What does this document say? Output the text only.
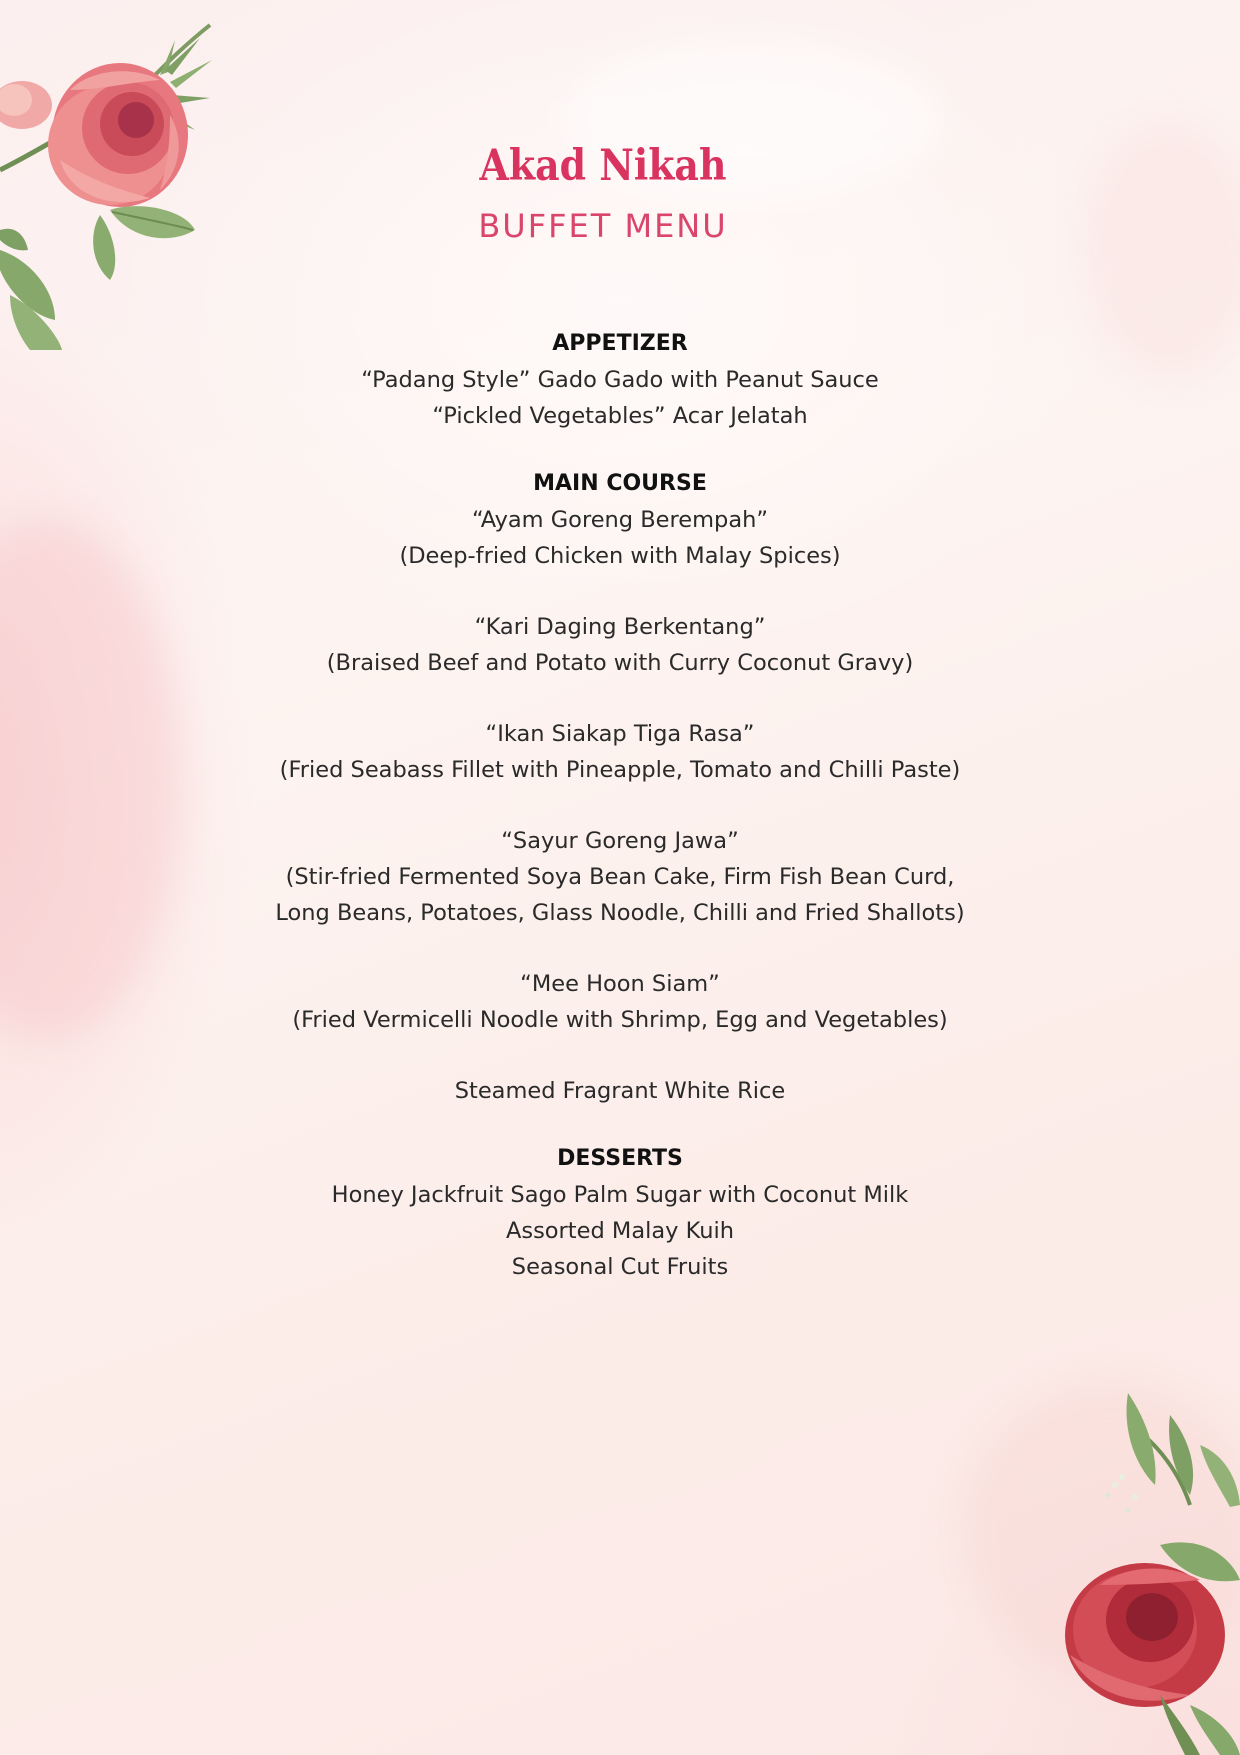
Akad Nikah
BUFFET MENU
APPETIZER
“Padang Style” Gado Gado with Peanut Sauce
“Pickled Vegetables” Acar Jelatah
MAIN COURSE
“Ayam Goreng Berempah”
(Deep-fried Chicken with Malay Spices)
“Kari Daging Berkentang”
(Braised Beef and Potato with Curry Coconut Gravy)
“Ikan Siakap Tiga Rasa”
(Fried Seabass Fillet with Pineapple, Tomato and Chilli Paste)
“Sayur Goreng Jawa”
(Stir-fried Fermented Soya Bean Cake, Firm Fish Bean Curd,
Long Beans, Potatoes, Glass Noodle, Chilli and Fried Shallots)
“Mee Hoon Siam”
(Fried Vermicelli Noodle with Shrimp, Egg and Vegetables)
Steamed Fragrant White Rice
DESSERTS
Honey Jackfruit Sago Palm Sugar with Coconut Milk
Assorted Malay Kuih
Seasonal Cut Fruits
